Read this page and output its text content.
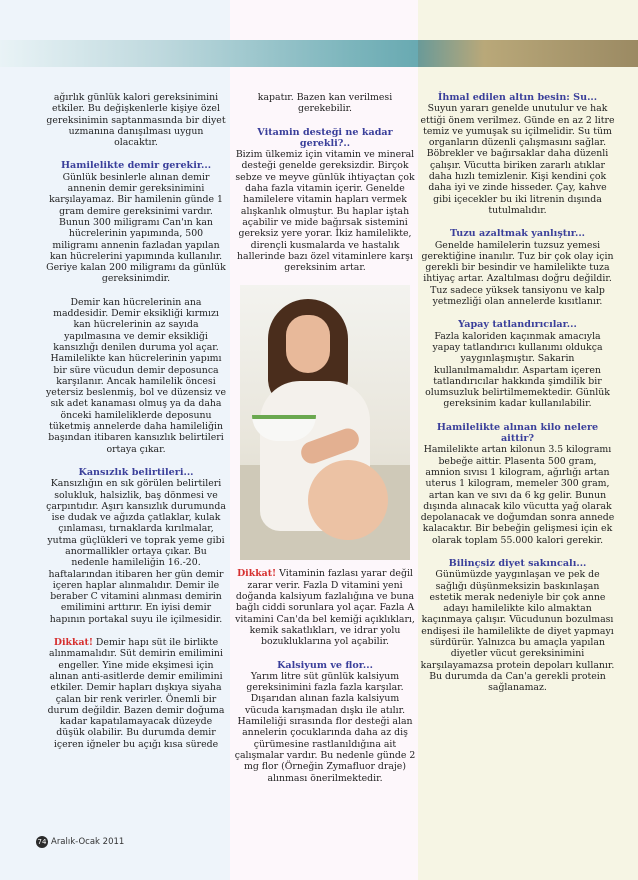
ağırlık günlük kalori gereksinimini etkiler. Bu değişkenlerle kişiye özel gereksinimin saptanmasında bir diyet uzmanına danışılması uygun olacaktır.

Hamilelikte demir gerekir...

Günlük besinlerle alınan demir annenin demir gereksinimini karşılayamaz. Bir hamilenin günde 1 gram demire gereksinimi vardır. Bunun 300 miligramı Can'ın kan hücrelerinin yapımında, 500 miligramı annenin fazladan yapılan kan hücrelerini yapımında kullanılır. Geriye kalan 200 miligramı da günlük gereksinimdir.

Demir kan hücrelerinin ana maddesidir. Demir eksikliği kırmızı kan hücrelerinin az sayıda yapılmasına ve demir eksikliği kansızlığı denilen duruma yol açar. Hamilelikte kan hücrelerinin yapımı bir süre vücudun demir deposunca karşılanır. Ancak hamilelik öncesi yetersiz beslenmiş, bol ve düzensiz ve sık adet kanaması olmuş ya da daha önceki hamileliklerde deposunu tüketmiş annelerde daha hamileliğin başından itibaren kansızlık belirtileri ortaya çıkar.

Kansızlık belirtileri...

Kansızlığın en sık görülen belirtileri solukluk, halsizlik, baş dönmesi ve çarpıntıdır. Aşırı kansızlık durumunda ise dudak ve ağızda çatlaklar, kulak çınlaması, tırnaklarda kırılmalar, yutma güçlükleri ve toprak yeme gibi anormallikler ortaya çıkar. Bu nedenle hamileliğin 16.-20. haftalarından itibaren her gün demir içeren haplar alınmalıdır. Demir ile beraber C vitamini alınması demirin emilimini arttırır. En iyisi demir hapının portakal suyu ile içilmesidir.

Dikkat! Demir hapı süt ile birlikte alınmamalıdır. Süt demirin emilimini engeller. Yine mide ekşimesi için alınan anti-asitlerde demir emilimini etkiler. Demir hapları dışkıya siyaha çalan bir renk verirler. Önemli bir durum değildir. Bazen demir doğuma kadar kapatılamayacak düzeyde düşük olabilir. Bu durumda demir içeren iğneler bu açığı kısa sürede

kapatır. Bazen kan verilmesi gerekebilir.

Vitamin desteği ne kadar gerekli?..

Bizim ülkemiz için vitamin ve mineral desteği genelde gereksizdir. Birçok sebze ve meyve günlük ihtiyaçtan çok daha fazla vitamin içerir. Genelde hamilelere vitamin hapları vermek alışkanlık olmuştur. Bu haplar iştah açabilir ve mide bağırsak sistemini gereksiz yere yorar. İkiz hamilelikte, dirençli kusmalarda ve hastalık hallerinde bazı özel vitaminlere karşı gereksinim artar.

Dikkat! Vitaminin fazlası yarar değil zarar verir. Fazla D vitamini yeni doğanda kalsiyum fazlalığına ve buna bağlı ciddi sorunlara yol açar. Fazla A vitamini Can'da bel kemiği açıklıkları, kemik sakatlıkları, ve idrar yolu bozukluklarına yol açabilir.

Kalsiyum ve flor...

Yarım litre süt günlük kalsiyum gereksinimini fazla fazla karşılar. Dışarıdan alınan fazla kalsiyum vücuda karışmadan dışkı ile atılır. Hamileliği sırasında flor desteği alan annelerin çocuklarında daha az diş çürümesine rastlanıldığına ait çalışmalar vardır. Bu nedenle günde 2 mg flor (Örneğin Zymafluor draje) alınması önerilmektedir.

İhmal edilen altın besin: Su...

Suyun yararı genelde unutulur ve hak ettiği önem verilmez. Günde en az 2 litre temiz ve yumuşak su içilmelidir. Su tüm organların düzenli çalışmasını sağlar. Böbrekler ve bağırsaklar daha düzenli çalışır. Vücutta biriken zararlı atıklar daha hızlı temizlenir. Kişi kendini çok daha iyi ve zinde hisseder. Çay, kahve gibi içecekler bu iki litrenin dışında tutulmalıdır.

Tuzu azaltmak yanlıştır...

Genelde hamilelerin tuzsuz yemesi gerektiğine inanılır. Tuz bir çok olay için gerekli bir besindir ve hamilelikte tuza ihtiyaç artar. Azaltılması doğru değildir. Tuz sadece yüksek tansiyonu ve kalp yetmezliği olan annelerde kısıtlanır.

Yapay tatlandırıcılar...

Fazla kaloriden kaçınmak amacıyla yapay tatlandırıcı kullanımı oldukça yaygınlaşmıştır. Sakarin kullanılmamalıdır. Aspartam içeren tatlandırıcılar hakkında şimdilik bir olumsuzluk belirtilmemektedir. Günlük gereksinim kadar kullanılabilir.

Hamilelikte alınan kilo nelere aittir?

Hamilelikte artan kilonun 3.5 kilogramı bebeğe aittir. Plasenta 500 gram, amnion sıvısı 1 kilogram, ağırlığı artan uterus 1 kilogram, memeler 300 gram, artan kan ve sıvı da 6 kg gelir. Bunun dışında alınacak kilo vücutta yağ olarak depolanacak ve doğumdan sonra annede kalacaktır. Bir bebeğin gelişmesi için ek olarak toplam 55.000 kalori gerekir.

Bilinçsiz diyet sakıncalı...

Günümüzde yaygınlaşan ve pek de sağlığı düşünmeksizin baskınlaşan estetik merak nedeniyle bir çok anne adayı hamilelikte kilo almaktan kaçınmaya çalışır. Vücudunun bozulması endişesi ile hamilelikte de diyet yapmayı sürdürür. Yalnızca bu amaçla yapılan diyetler vücut gereksinimini karşılayamazsa protein depoları kullanır. Bu durumda da Can'a gerekli protein sağlanamaz.

74 Aralık-Ocak 2011
